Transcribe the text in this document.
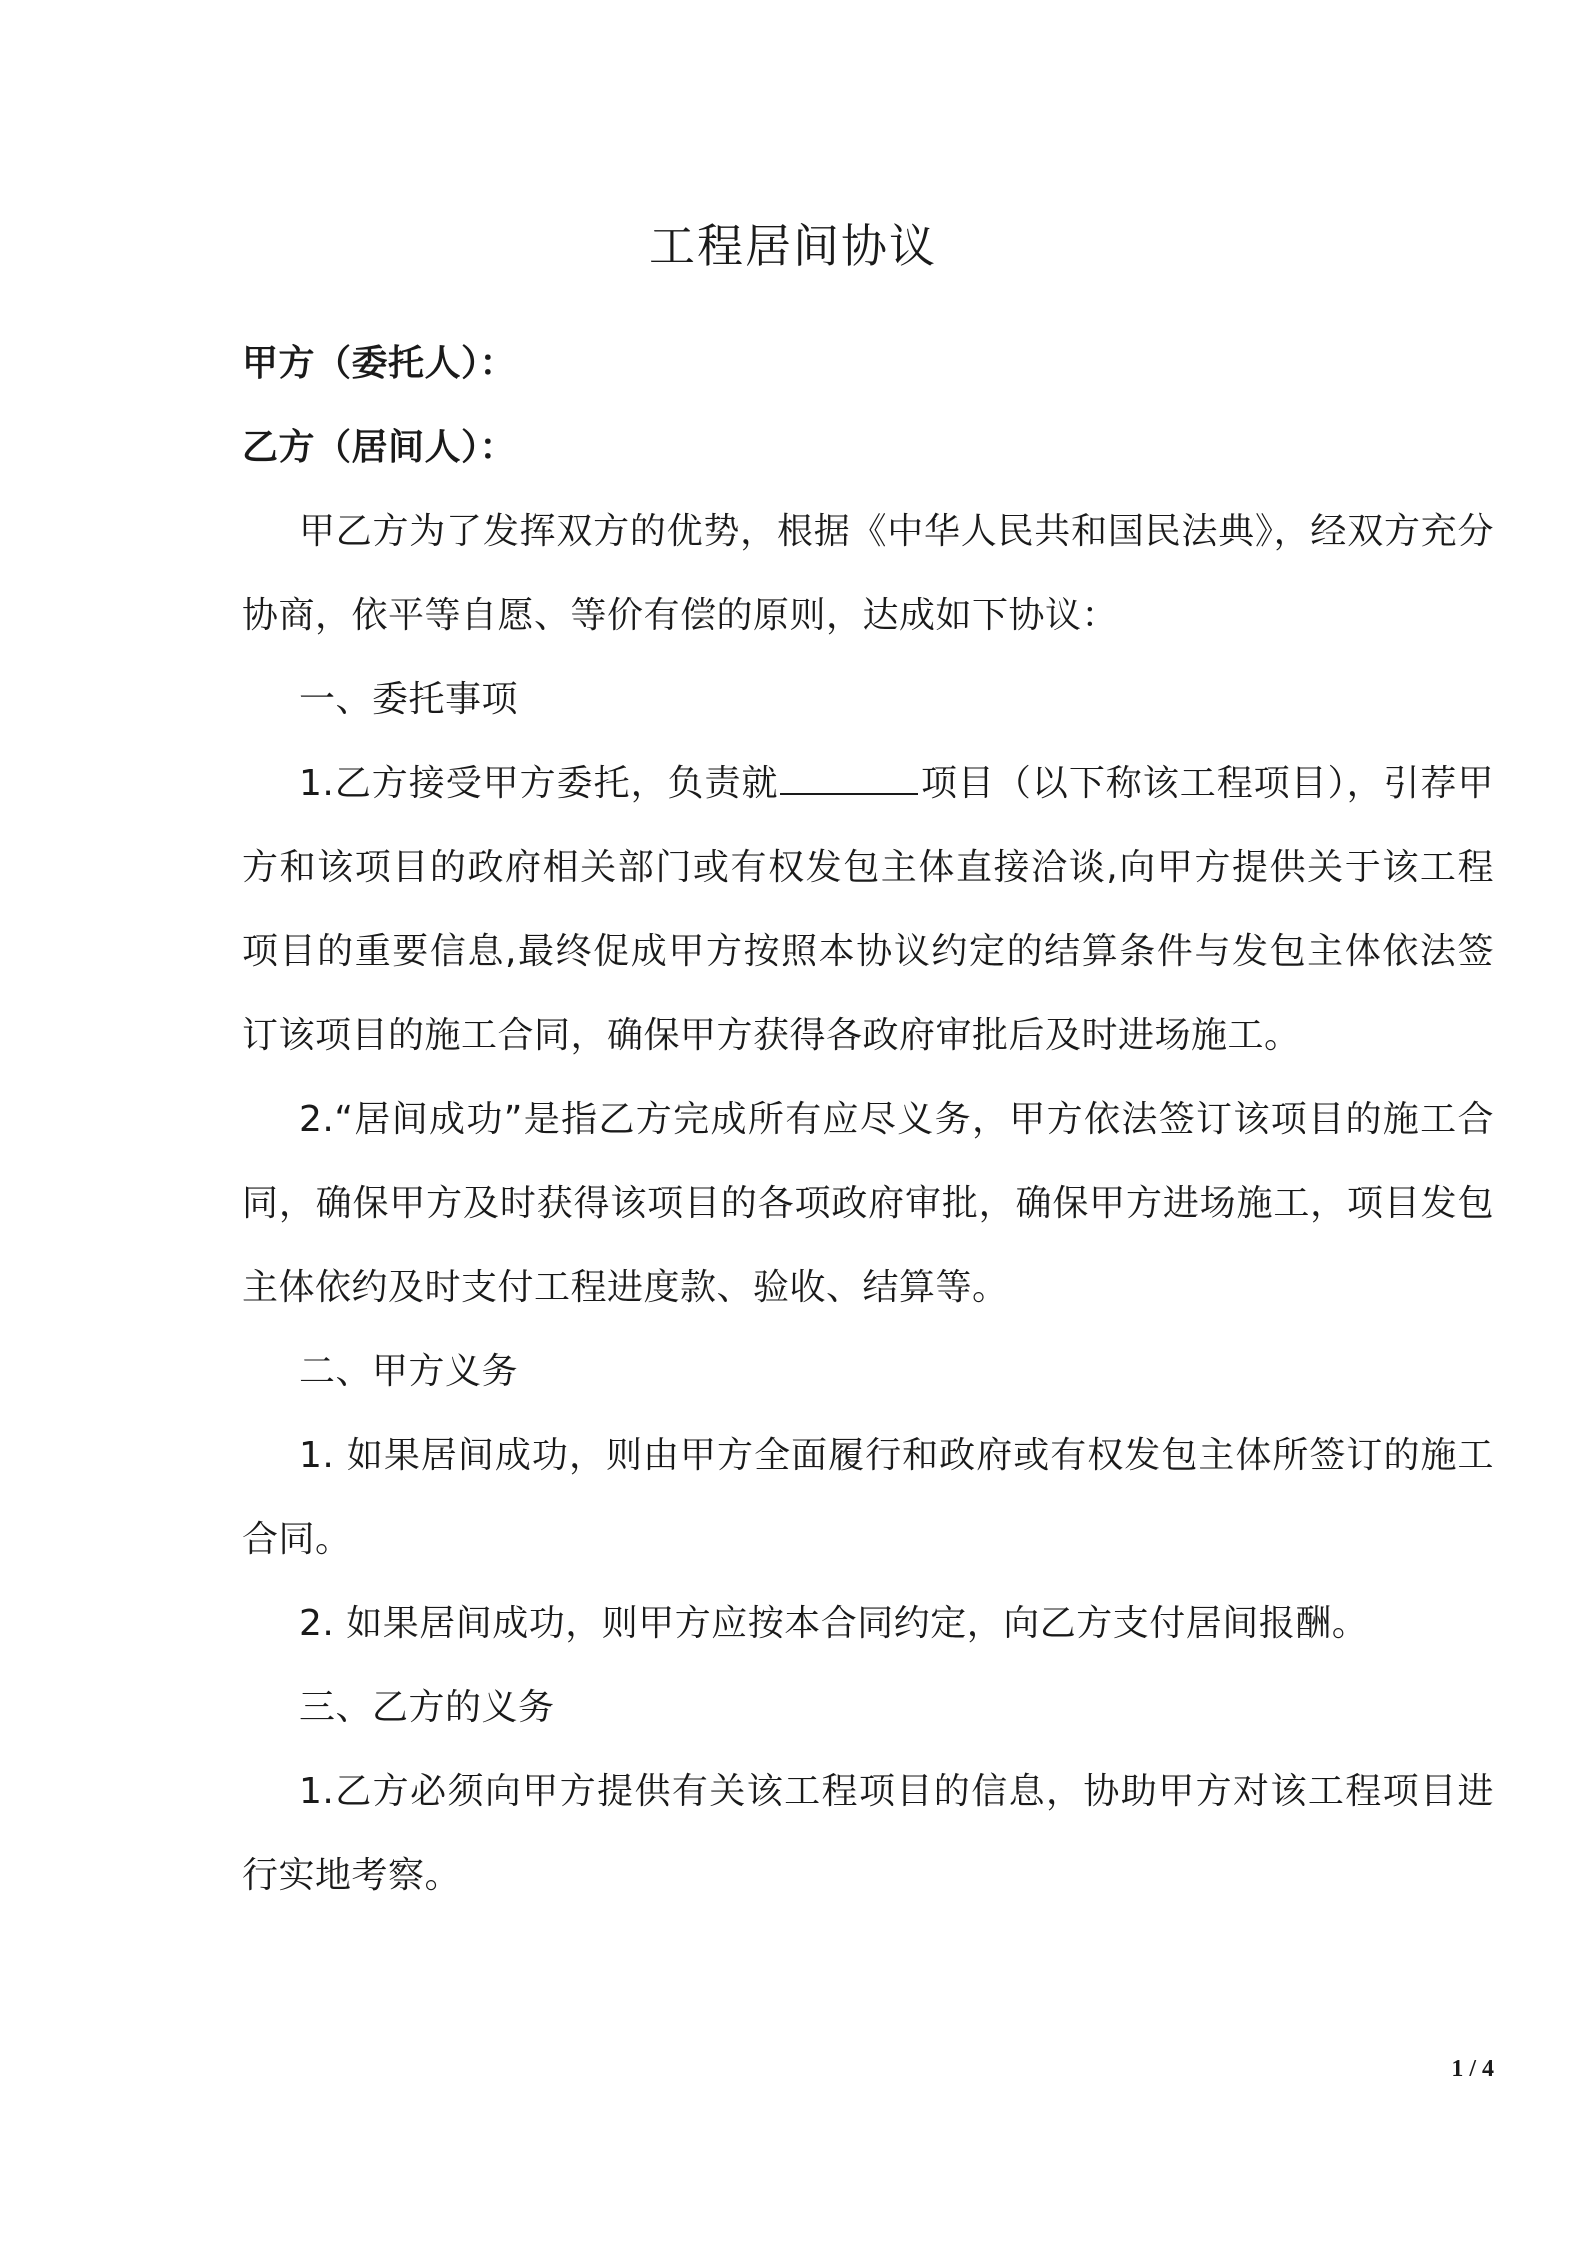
工程居间协议

甲方（委托人）：

乙方（居间人）：

甲乙方为了发挥双方的优势，根据《中华人民共和国民法典》，经双方充分协商，依平等自愿、等价有偿的原则，达成如下协议：

一、委托事项

1.乙方接受甲方委托，负责就	项目（以下称该工程项目），引荐甲方和该项目的政府相关部门或有权发包主体直接洽谈,向甲方提供关于该工程项目的重要信息,最终促成甲方按照本协议约定的结算条件与发包主体依法签订该项目的施工合同，确保甲方获得各政府审批后及时进场施工。

2.“居间成功”是指乙方完成所有应尽义务，甲方依法签订该项目的施工合同，确保甲方及时获得该项目的各项政府审批，确保甲方进场施工，项目发包主体依约及时支付工程进度款、验收、结算等。

二、甲方义务

1. 如果居间成功，则由甲方全面履行和政府或有权发包主体所签订的施工合同。

2. 如果居间成功，则甲方应按本合同约定，向乙方支付居间报酬。

三、乙方的义务

1.乙方必须向甲方提供有关该工程项目的信息，协助甲方对该工程项目进行实地考察。

1 / 4
